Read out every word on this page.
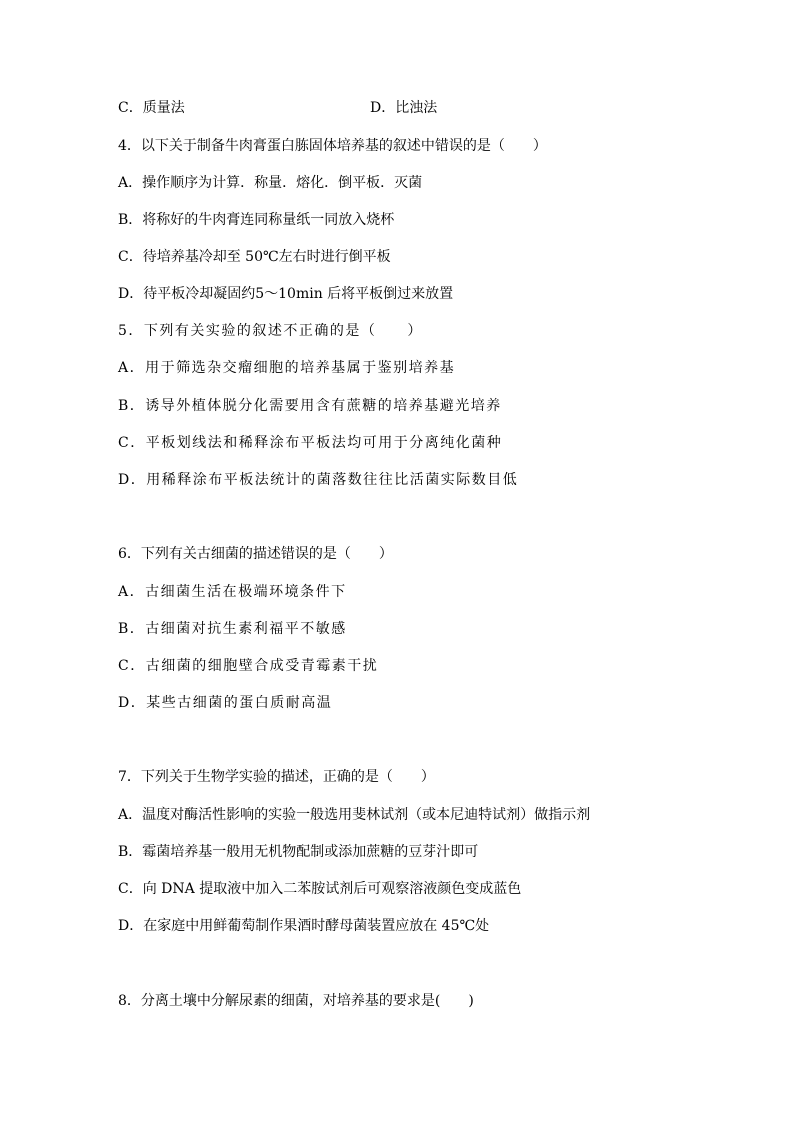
C．质量法	D．比浊法
4．以下关于制备牛肉膏蛋白胨固体培养基的叙述中错误的是（　　）
A．操作顺序为计算．称量．熔化．倒平板．灭菌
B．将称好的牛肉膏连同称量纸一同放入烧杯
C．待培养基冷却至 50℃左右时进行倒平板
D．待平板冷却凝固约5～10min 后将平板倒过来放置
5．下列有关实验的叙述不正确的是（　　）
A．用于筛选杂交瘤细胞的培养基属于鉴别培养基
B．诱导外植体脱分化需要用含有蔗糖的培养基避光培养
C．平板划线法和稀释涂布平板法均可用于分离纯化菌种
D．用稀释涂布平板法统计的菌落数往往比活菌实际数目低
6．下列有关古细菌的描述错误的是（　　）
A．古细菌生活在极端环境条件下
B．古细菌对抗生素利福平不敏感
C．古细菌的细胞壁合成受青霉素干扰
D．某些古细菌的蛋白质耐高温
7．下列关于生物学实验的描述，正确的是（　　）
A．温度对酶活性影响的实验一般选用斐林试剂（或本尼迪特试剂）做指示剂
B．霉菌培养基一般用无机物配制或添加蔗糖的豆芽汁即可
C．向 DNA 提取液中加入二苯胺试剂后可观察溶液颜色变成蓝色
D．在家庭中用鲜葡萄制作果酒时酵母菌装置应放在 45℃处
8．分离土壤中分解尿素的细菌，对培养基的要求是(　　)
